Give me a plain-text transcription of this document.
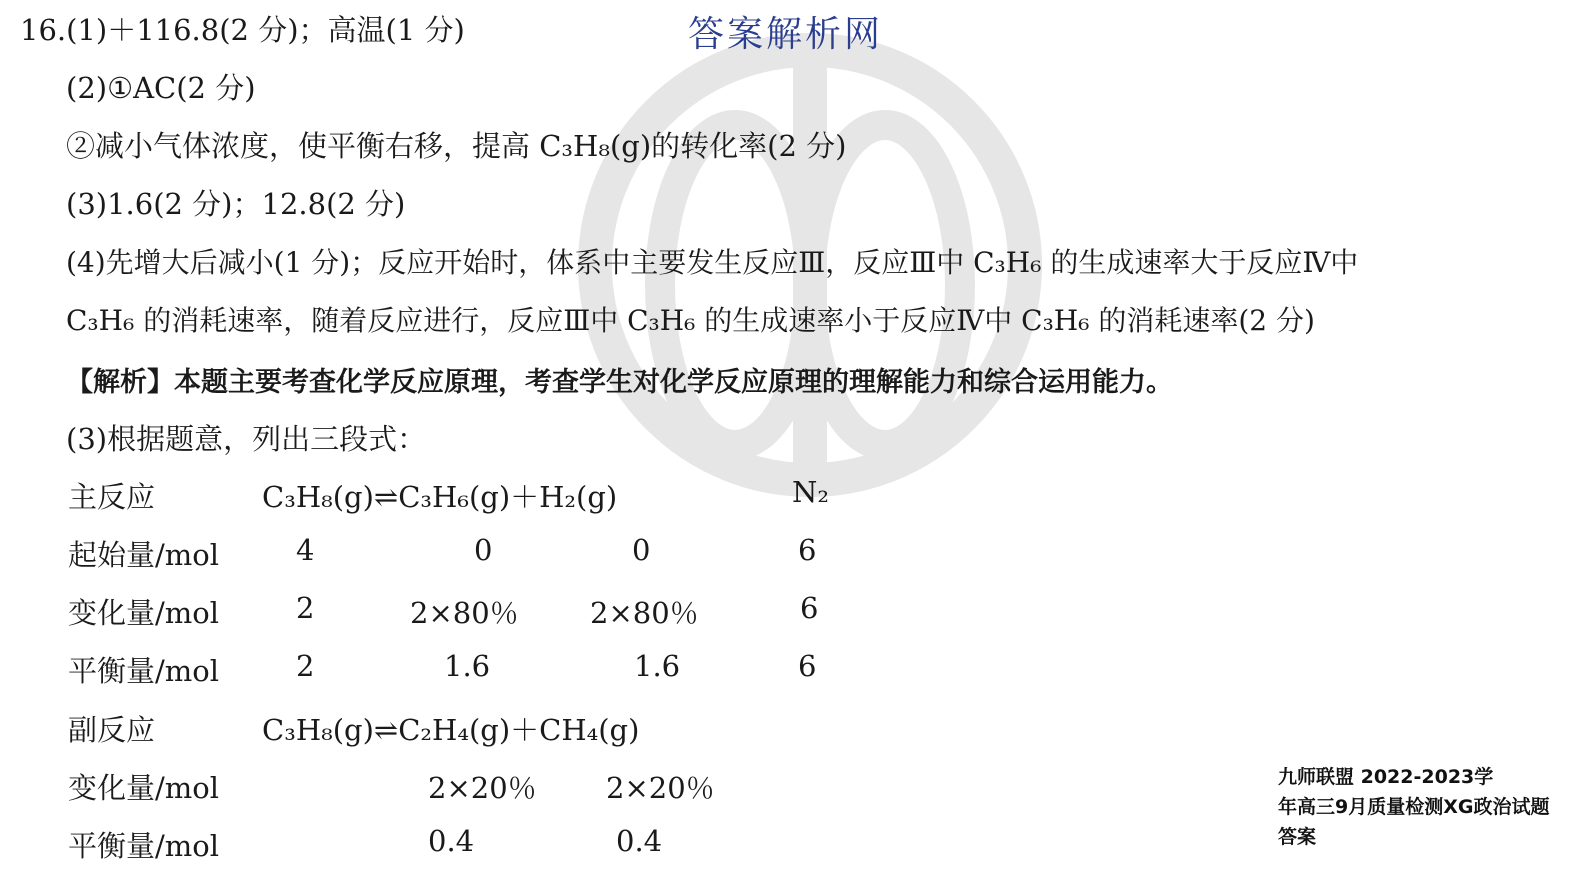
答案解析网
16.(1)＋116.8(2 分)；高温(1 分)
(2)①AC(2 分)
②减小气体浓度，使平衡右移，提高 C₃H₈(g)的转化率(2 分)
(3)1.6(2 分)；12.8(2 分)
(4)先增大后减小(1 分)；反应开始时，体系中主要发生反应Ⅲ，反应Ⅲ中 C₃H₆ 的生成速率大于反应Ⅳ中
C₃H₆ 的消耗速率，随着反应进行，反应Ⅲ中 C₃H₆ 的生成速率小于反应Ⅳ中 C₃H₆ 的消耗速率(2 分)
【解析】本题主要考查化学反应原理，考查学生对化学反应原理的理解能力和综合运用能力。
(3)根据题意，列出三段式：
主反应	C₃H₈(g)⇌C₃H₆(g)＋H₂(g)	N₂
起始量/mol	4	0	0	6
变化量/mol	2	2×80％ 2×80％	6
平衡量/mol	2	1.6	1.6	6
副反应	C₃H₈(g)⇌C₂H₄(g)＋CH₄(g)
变化量/mol	2×20％ 2×20％
平衡量/mol	0.4	0.4
九师联盟 2022-2023学
年高三9月质量检测XG政治试题
答案
